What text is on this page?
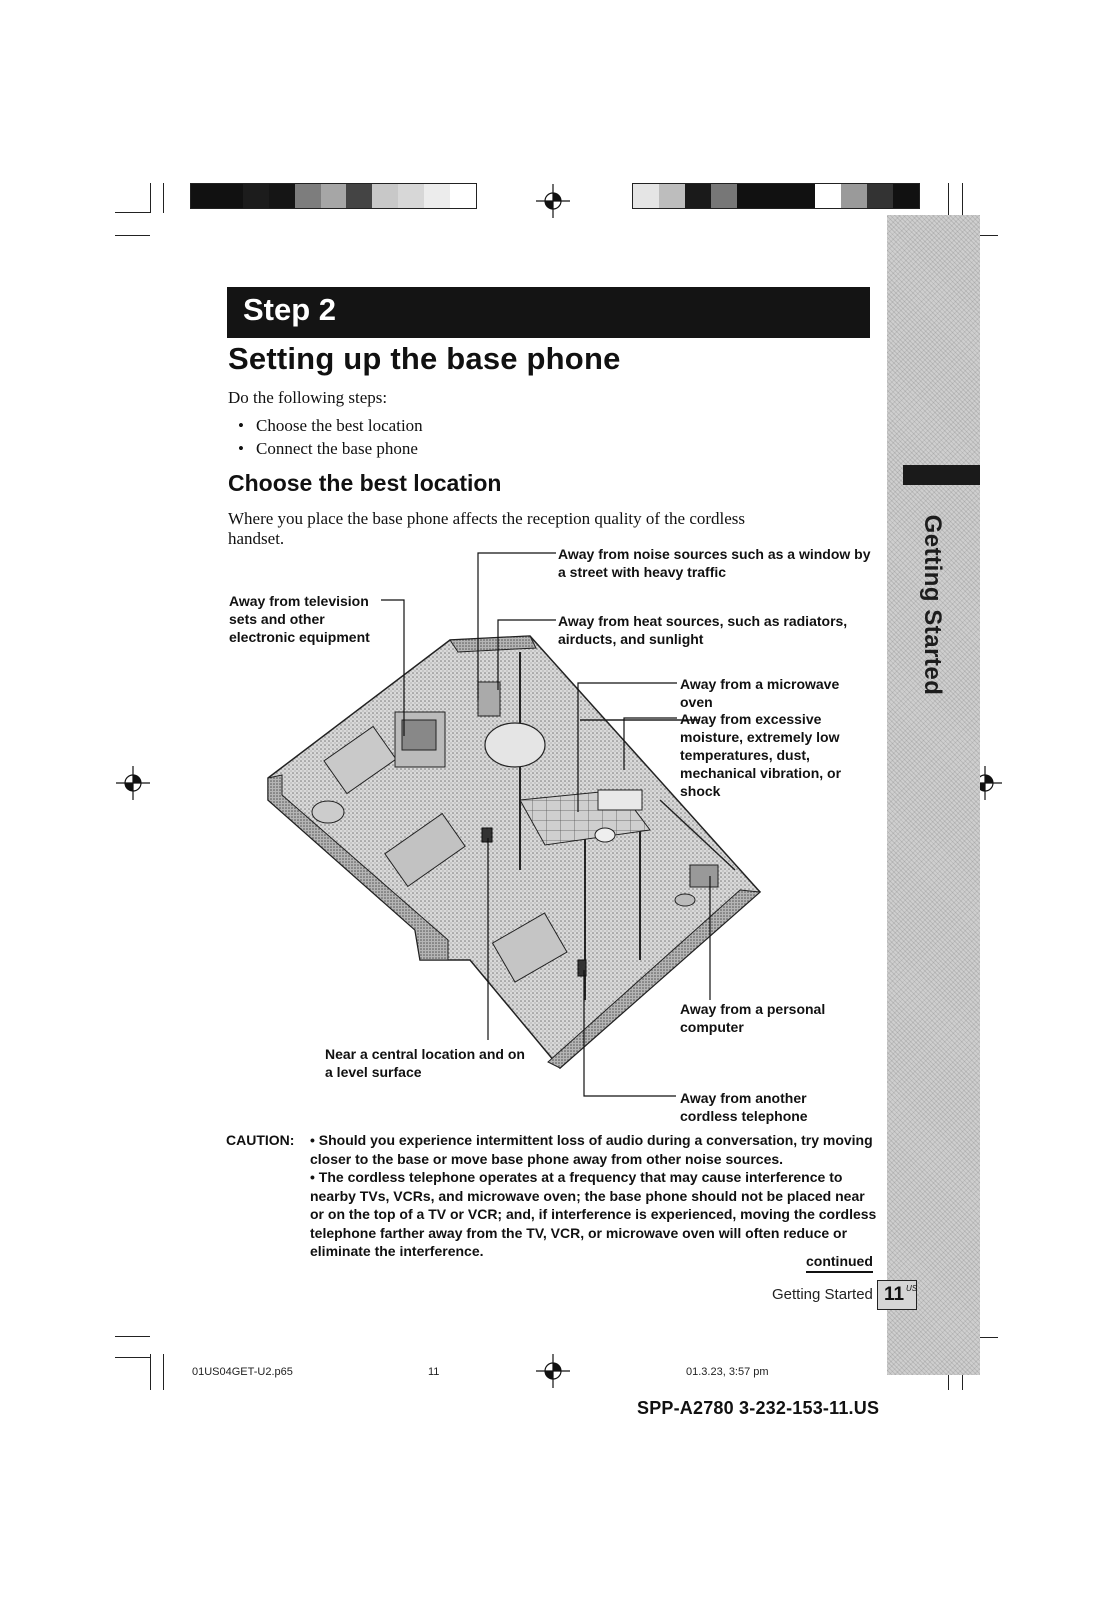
Getting Started
Step 2
Setting up the base phone
Do the following steps:
• Choose the best location
• Connect the base phone
Choose the best location
Where you place the base phone affects the reception quality of the cordless handset.
Away from noise sources such as a window by a street with heavy traffic
Away from television sets and other electronic equipment
Away from heat sources, such as radiators, airducts, and sunlight
Away from a microwave oven
Away from excessive moisture, extremely low temperatures, dust, mechanical vibration, or shock
Away from a personal computer
Near a central location and on a level surface
Away from another cordless telephone
CAUTION: • Should you experience intermittent loss of audio during a conversation, try moving closer to the base or move base phone away from other noise sources.
• The cordless telephone operates at a frequency that may cause interference to nearby TVs, VCRs, and microwave oven; the base phone should not be placed near or on the top of a TV or VCR; and, if interference is experienced, moving the cordless telephone farther away from the TV, VCR, or microwave oven will often reduce or eliminate the interference.
continued
Getting Started 11 US
01US04GET-U2.p65	11	01.3.23, 3:57 pm
SPP-A2780 3-232-153-11.US
